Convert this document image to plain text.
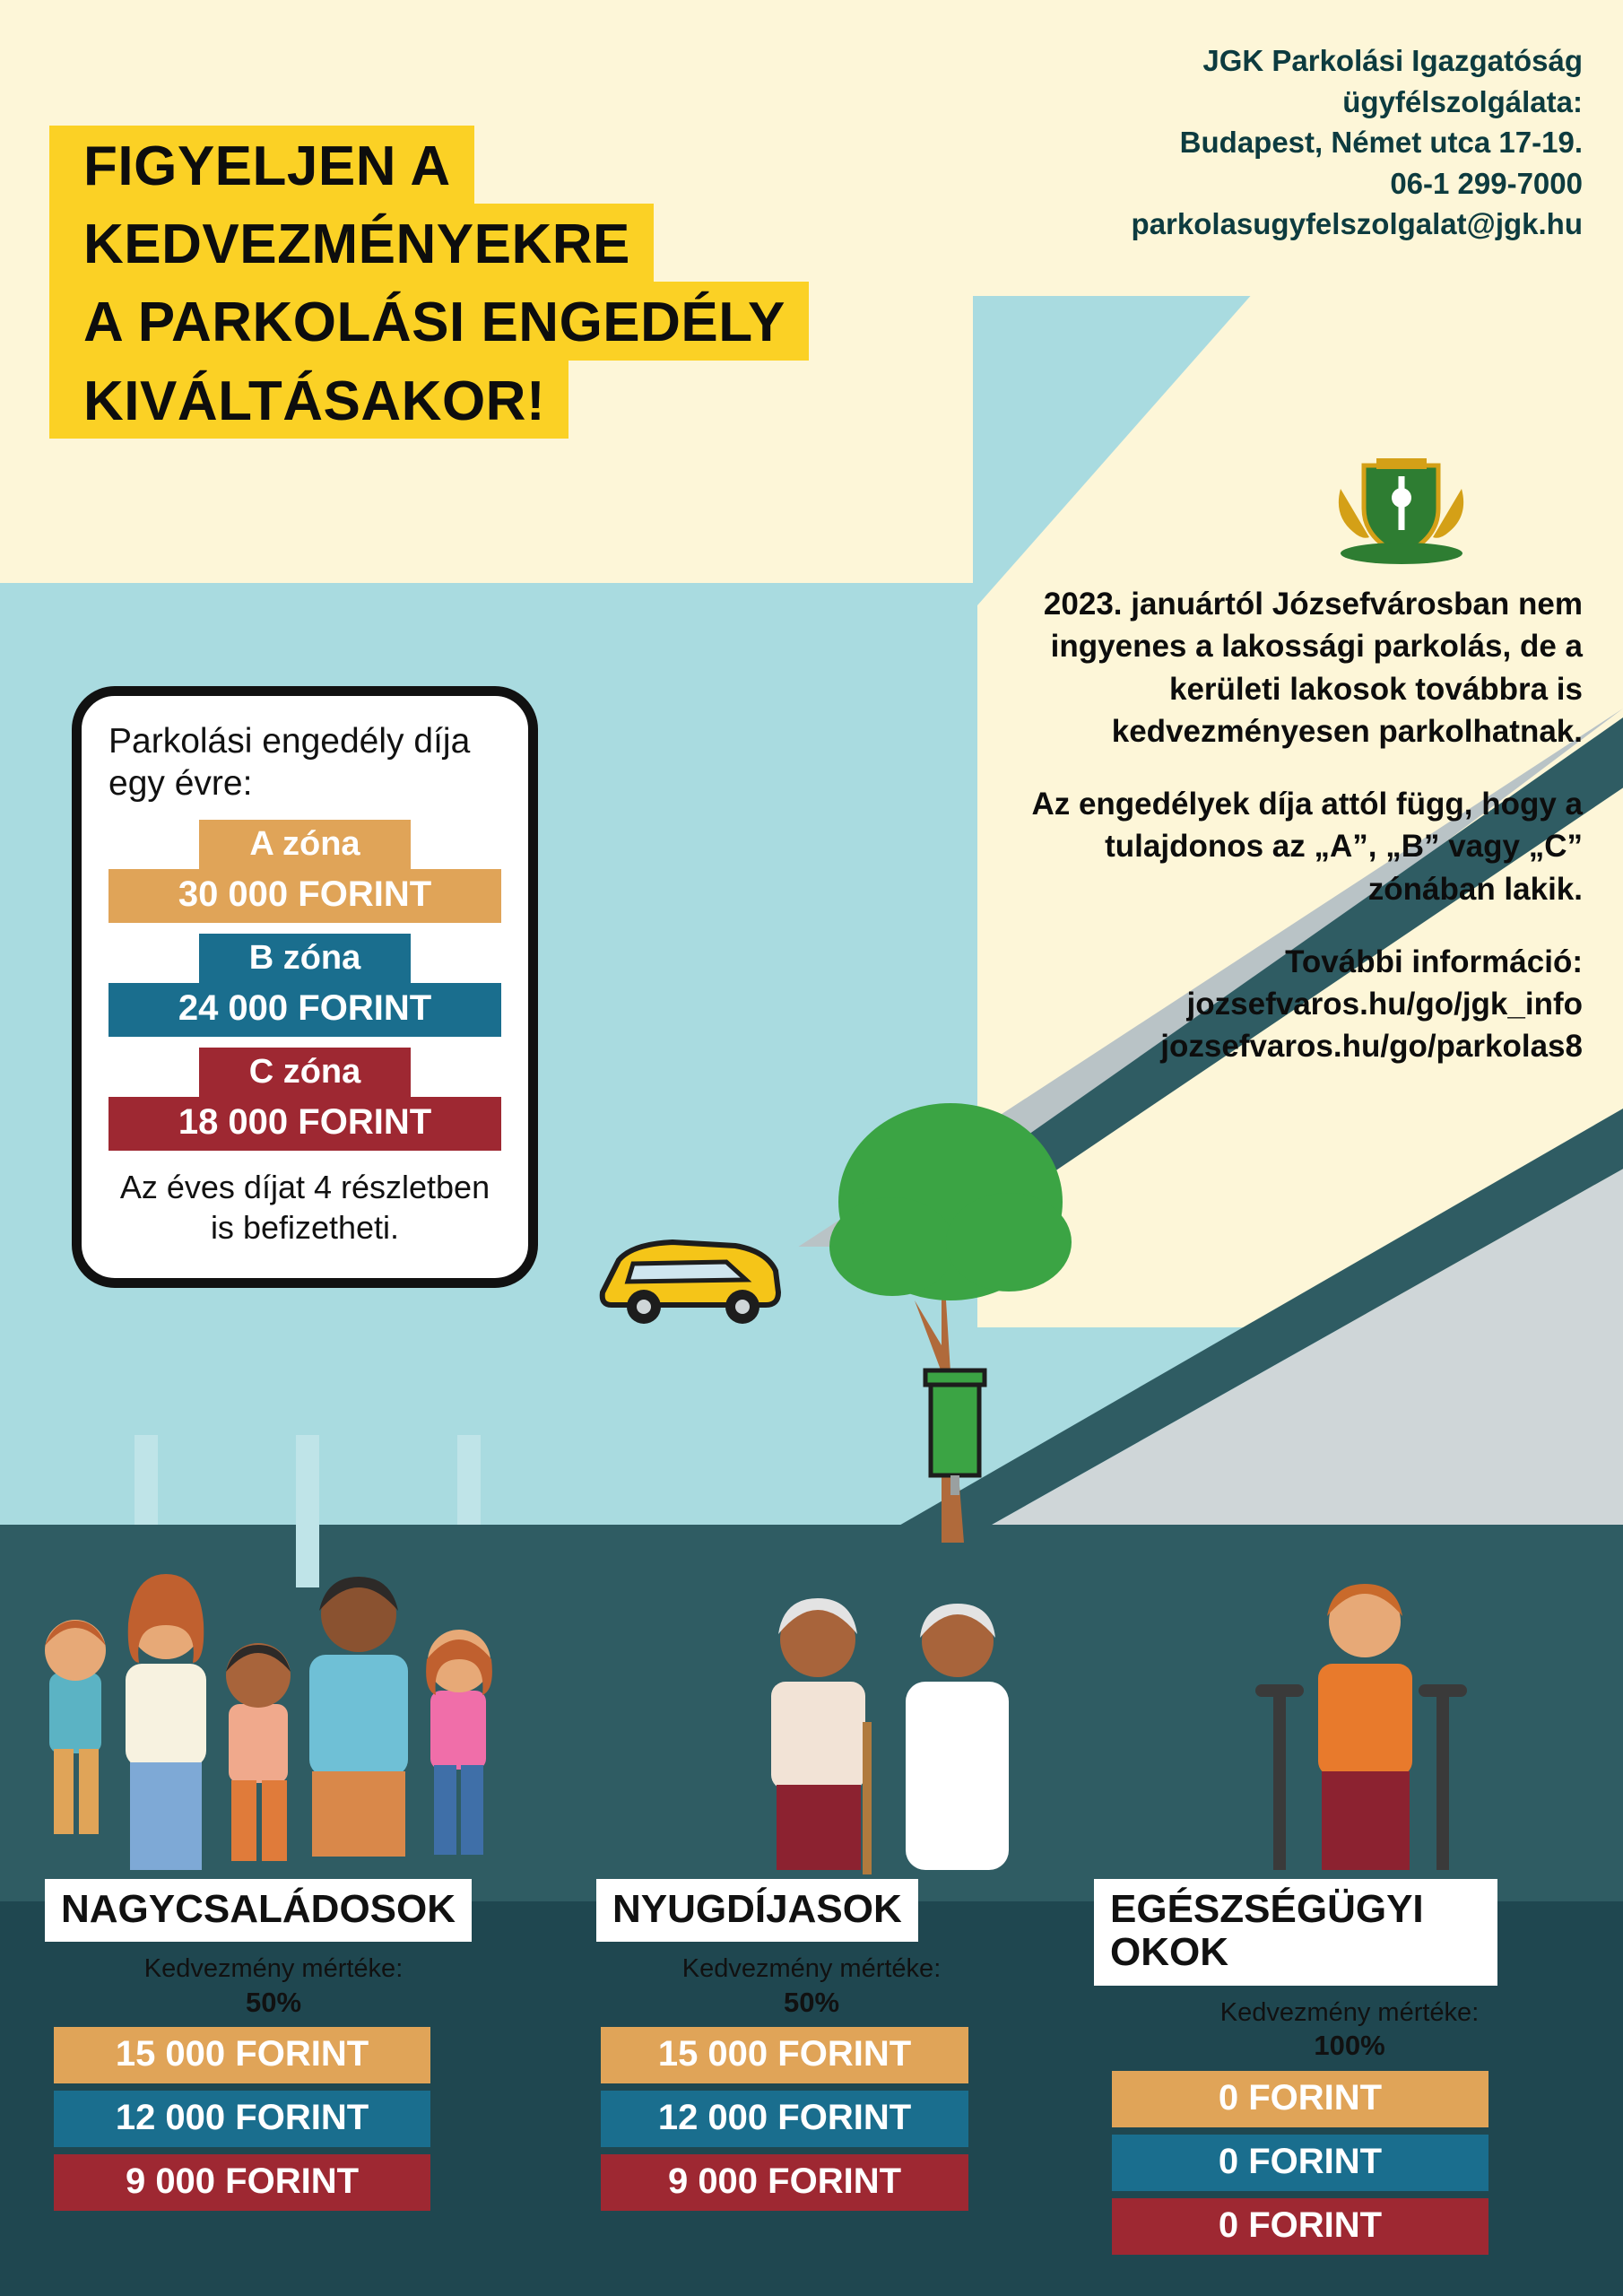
FIGYELJEN A
KEDVEZMÉNYEKRE
A PARKOLÁSI ENGEDÉLY
KIVÁLTÁSAKOR!
JGK Parkolási Igazgatóság
ügyfélszolgálata:
Budapest, Német utca 17-19.
06-1 299-7000
parkolasugyfelszolgalat@jgk.hu

2023. januártól Józsefvárosban nem ingyenes a lakossági parkolás, de a kerületi lakosok továbbra is kedvezményesen parkolhatnak.

Az engedélyek díja attól függ, hogy a tulajdonos az „A”, „B” vagy „C” zónában lakik.

További információ:
jozsefvaros.hu/go/jgk_info
jozsefvaros.hu/go/parkolas8

Parkolási engedély díja egy évre:
A zóna
30 000 FORINT
B zóna
24 000 FORINT
C zóna
18 000 FORINT
Az éves díjat 4 részletben is befizetheti.
NAGYCSALÁDOSOK
Kedvezmény mértéke:
50%
15 000 FORINT
12 000 FORINT
9 000 FORINT
NYUGDÍJASOK
Kedvezmény mértéke:
50%
15 000 FORINT
12 000 FORINT
9 000 FORINT
EGÉSZSÉGÜGYI OKOK
Kedvezmény mértéke:
100%
0 FORINT
0 FORINT
0 FORINT
